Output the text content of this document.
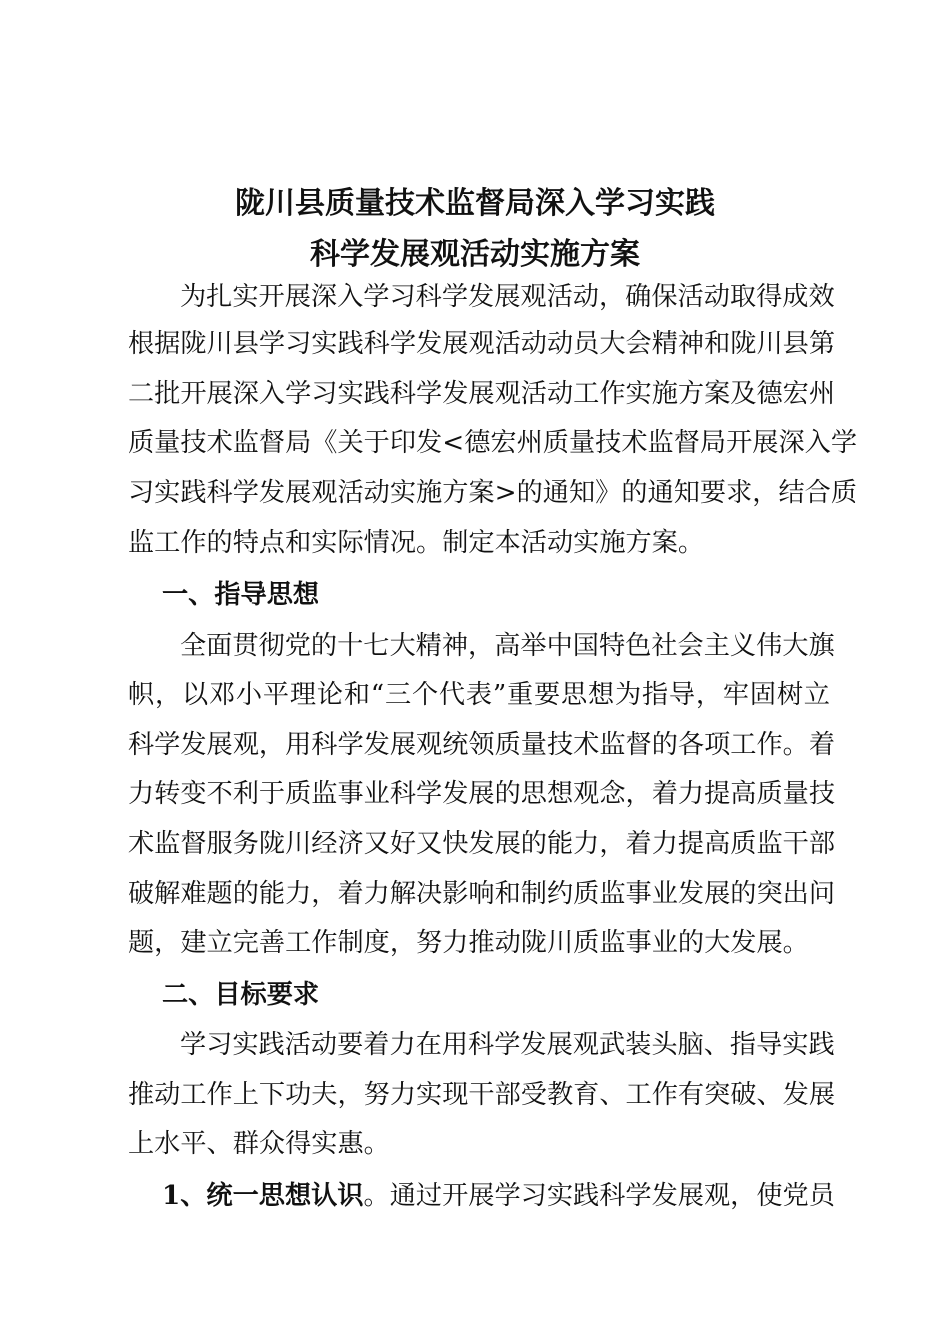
陇川县质量技术监督局深入学习实践
科学发展观活动实施方案
为扎实开展深入学习科学发展观活动，确保活动取得成效
根据陇川县学习实践科学发展观活动动员大会精神和陇川县第
二批开展深入学习实践科学发展观活动工作实施方案及德宏州
质量技术监督局《关于印发<德宏州质量技术监督局开展深入学
习实践科学发展观活动实施方案>的通知》的通知要求，结合质
监工作的特点和实际情况。制定本活动实施方案。
一、指导思想
全面贯彻党的十七大精神，高举中国特色社会主义伟大旗
帜，以邓小平理论和“三个代表”重要思想为指导，牢固树立
科学发展观，用科学发展观统领质量技术监督的各项工作。着
力转变不利于质监事业科学发展的思想观念，着力提高质量技
术监督服务陇川经济又好又快发展的能力，着力提高质监干部
破解难题的能力，着力解决影响和制约质监事业发展的突出问
题，建立完善工作制度，努力推动陇川质监事业的大发展。
二、目标要求
学习实践活动要着力在用科学发展观武装头脑、指导实践
推动工作上下功夫，努力实现干部受教育、工作有突破、发展
上水平、群众得实惠。
1、统一思想认识。通过开展学习实践科学发展观，使党员
